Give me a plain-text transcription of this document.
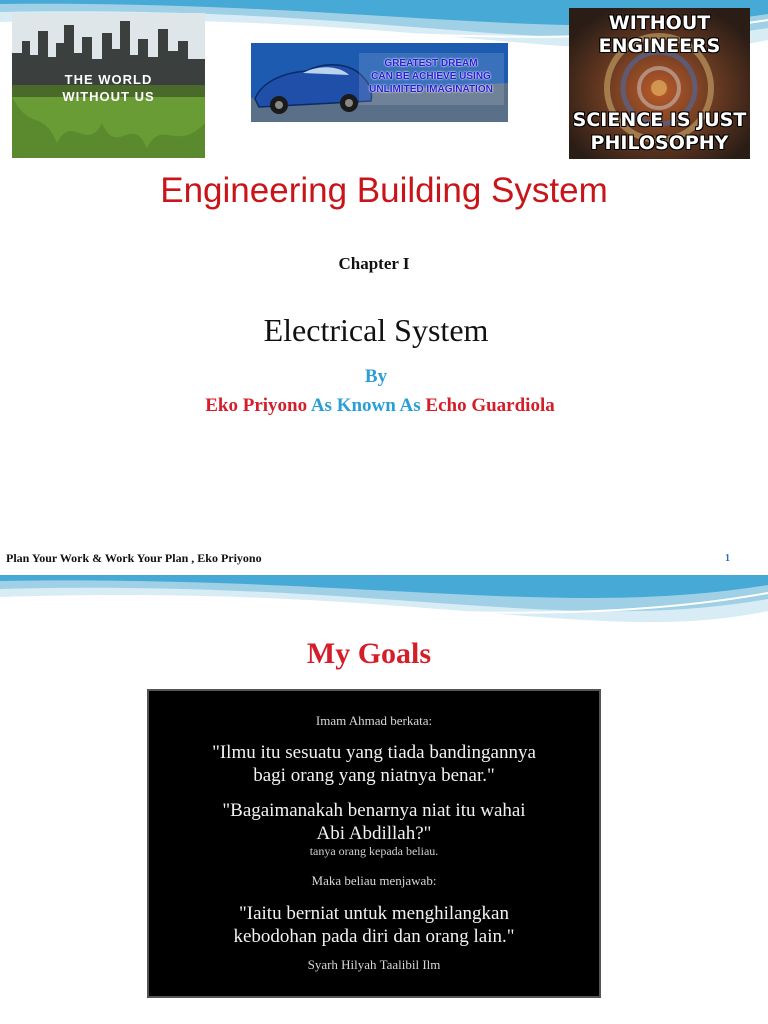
THE WORLD
WITHOUT US
GREATEST DREAM
CAN BE ACHIEVE USING
UNLIMITED IMAGINATION
WITHOUT
ENGINEERS
SCIENCE IS JUST
PHILOSOPHY
Engineering Building System
Chapter I
Electrical System
By
Eko Priyono As Known As Echo Guardiola
Plan Your Work & Work Your Plan , Eko Priyono	1
My Goals
Imam Ahmad berkata:
"Ilmu itu sesuatu yang tiada bandingannya
bagi orang yang niatnya benar."
"Bagaimanakah benarnya niat itu wahai
Abi Abdillah?"
tanya orang kepada beliau.
Maka beliau menjawab:
"Iaitu berniat untuk menghilangkan
kebodohan pada diri dan orang lain."
Syarh Hilyah Taalibil Ilm
